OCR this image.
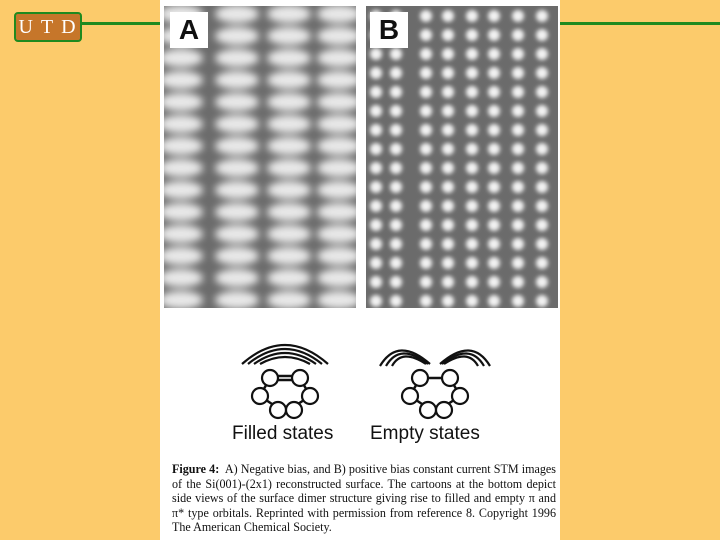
UTD	A	B
Filled states Empty states
Figure 4: A) Negative bias, and B) positive bias constant current STM images of the Si(001)-(2x1) reconstructed surface. The cartoons at the bottom depict side views of the surface dimer structure giving rise to filled and empty π and π* type orbitals. Reprinted with permission from reference 8. Copyright 1996 The American Chemical Society.
